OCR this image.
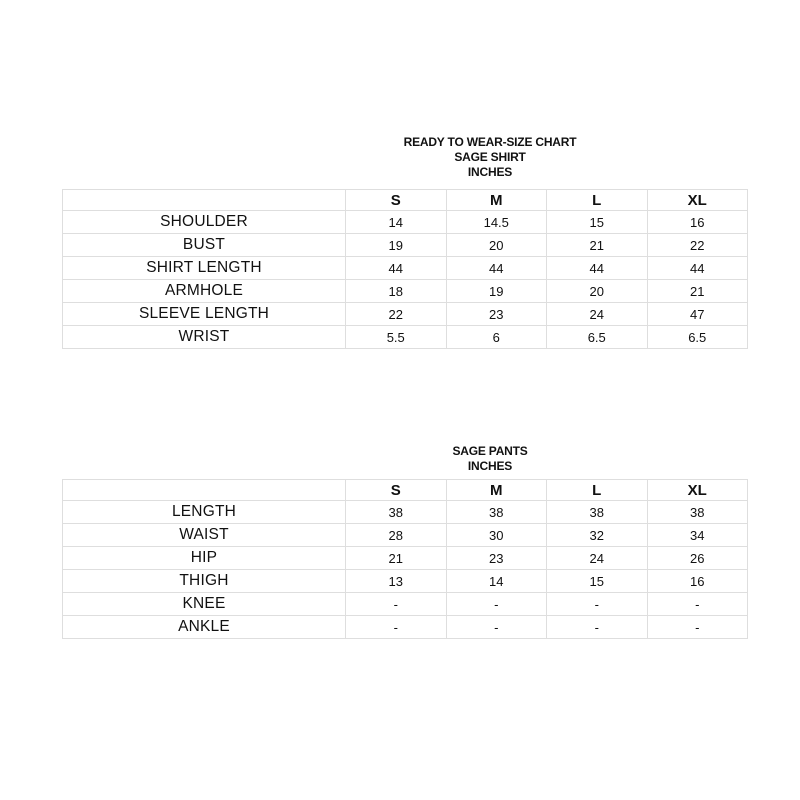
READY TO WEAR-SIZE CHART
SAGE SHIRT
INCHES
	S	M	L	XL
SHOULDER	14	14.5	15	16
BUST	19	20	21	22
SHIRT LENGTH	44	44	44	44
ARMHOLE	18	19	20	21
SLEEVE LENGTH	22	23	24	47
WRIST	5.5	6	6.5	6.5
SAGE PANTS
INCHES
	S	M	L	XL
LENGTH	38	38	38	38
WAIST	28	30	32	34
HIP	21	23	24	26
THIGH	13	14	15	16
KNEE	-	-	-	-
ANKLE	-	-	-	-
